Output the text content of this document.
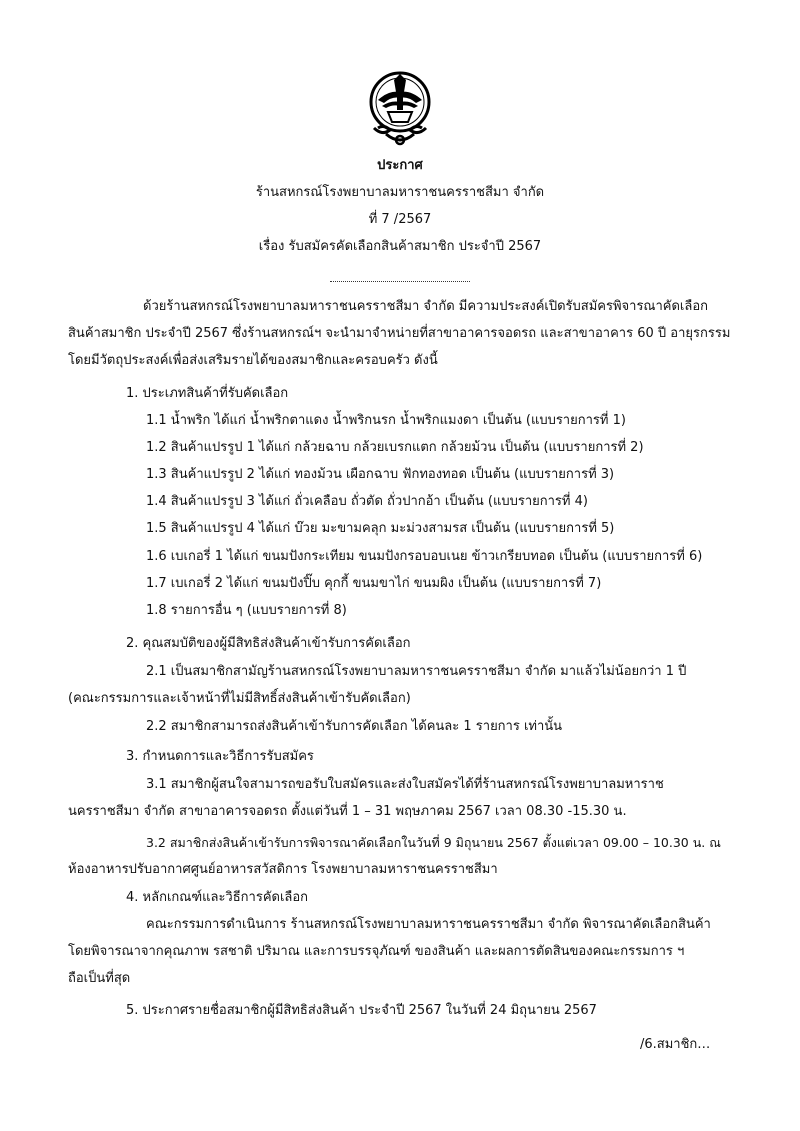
ประกาศ
ร้านสหกรณ์โรงพยาบาลมหาราชนครราชสีมา จำกัด
ที่ 7 /2567
เรื่อง รับสมัครคัดเลือกสินค้าสมาชิก ประจำปี 2567
ด้วยร้านสหกรณ์โรงพยาบาลมหาราชนครราชสีมา จำกัด มีความประสงค์เปิดรับสมัครพิจารณาคัดเลือก
สินค้าสมาชิก ประจำปี 2567 ซึ่งร้านสหกรณ์ฯ จะนำมาจำหน่ายที่สาขาอาคารจอดรถ และสาขาอาคาร 60 ปี อายุรกรรม
โดยมีวัตถุประสงค์เพื่อส่งเสริมรายได้ของสมาชิกและครอบครัว ดังนี้
1. ประเภทสินค้าที่รับคัดเลือก
1.1 น้ำพริก ได้แก่ น้ำพริกตาแดง น้ำพริกนรก น้ำพริกแมงดา เป็นต้น (แบบรายการที่ 1)
1.2 สินค้าแปรรูป 1 ได้แก่ กล้วยฉาบ กล้วยเบรกแตก กล้วยม้วน เป็นต้น (แบบรายการที่ 2)
1.3 สินค้าแปรรูป 2 ได้แก่ ทองม้วน เผือกฉาบ ฟักทองทอด เป็นต้น (แบบรายการที่ 3)
1.4 สินค้าแปรรูป 3 ได้แก่ ถั่วเคลือบ ถั่วตัด ถั่วปากอ้า เป็นต้น (แบบรายการที่ 4)
1.5 สินค้าแปรรูป 4 ได้แก่ บ๊วย มะขามคลุก มะม่วงสามรส เป็นต้น (แบบรายการที่ 5)
1.6 เบเกอรี่ 1 ได้แก่ ขนมปังกระเทียม ขนมปังกรอบอบเนย ข้าวเกรียบทอด เป็นต้น (แบบรายการที่ 6)
1.7 เบเกอรี่ 2 ได้แก่ ขนมปังปิ๊บ คุกกี้ ขนมขาไก่ ขนมผิง เป็นต้น (แบบรายการที่ 7)
1.8 รายการอื่น ๆ (แบบรายการที่ 8)
2. คุณสมบัติของผู้มีสิทธิส่งสินค้าเข้ารับการคัดเลือก
2.1 เป็นสมาชิกสามัญร้านสหกรณ์โรงพยาบาลมหาราชนครราชสีมา จำกัด มาแล้วไม่น้อยกว่า 1 ปี
(คณะกรรมการและเจ้าหน้าที่ไม่มีสิทธิ์ส่งสินค้าเข้ารับคัดเลือก)
2.2 สมาชิกสามารถส่งสินค้าเข้ารับการคัดเลือก ได้คนละ 1 รายการ เท่านั้น
3. กำหนดการและวิธีการรับสมัคร
3.1 สมาชิกผู้สนใจสามารถขอรับใบสมัครและส่งใบสมัครได้ที่ร้านสหกรณ์โรงพยาบาลมหาราช
นครราชสีมา จำกัด สาขาอาคารจอดรถ ตั้งแต่วันที่ 1 – 31 พฤษภาคม 2567 เวลา 08.30 -15.30 น.
3.2 สมาชิกส่งสินค้าเข้ารับการพิจารณาคัดเลือกในวันที่ 9 มิถุนายน 2567 ตั้งแต่เวลา 09.00 – 10.30 น. ณ
ห้องอาหารปรับอากาศศูนย์อาหารสวัสดิการ โรงพยาบาลมหาราชนครราชสีมา
4. หลักเกณฑ์และวิธีการคัดเลือก
คณะกรรมการดำเนินการ ร้านสหกรณ์โรงพยาบาลมหาราชนครราชสีมา จำกัด พิจารณาคัดเลือกสินค้า
โดยพิจารณาจากคุณภาพ รสชาติ ปริมาณ และการบรรจุภัณฑ์ ของสินค้า และผลการตัดสินของคณะกรรมการ ฯ
ถือเป็นที่สุด
5. ประกาศรายชื่อสมาชิกผู้มีสิทธิส่งสินค้า ประจำปี 2567 ในวันที่ 24 มิถุนายน 2567
/6.สมาชิก…
